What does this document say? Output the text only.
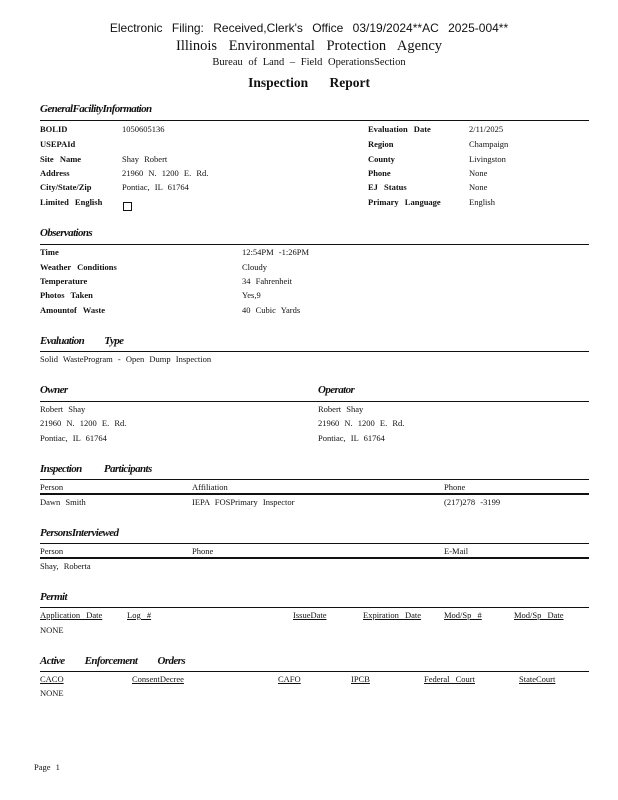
Electronic Filing: Received,Clerk's Office 03/19/2024**AC 2025-004**
Illinois Environmental Protection Agency
Bureau of Land – Field OperationsSection
Inspection Report
GeneralFacilityInformation
BOLID	1050605136
USEPAId
Site Name	Shay Robert
Address	21960 N. 1200 E. Rd.
City/State/Zip	Pontiac, IL 61764
Limited English
Evaluation Date	2/11/2025
Region	Champaign
County	Livingston
Phone	None
EJ Status	None
Primary Language	English
Observations
Time	12:54PM -1:26PM
Weather Conditions	Cloudy
Temperature	34 Fahrenheit
Photos Taken	Yes,9
Amountof Waste	40 Cubic Yards
Evaluation Type
Solid WasteProgram - Open Dump Inspection
Owner	Operator
Robert Shay
21960 N. 1200 E. Rd.
Pontiac, IL 61764
Robert Shay
21960 N. 1200 E. Rd.
Pontiac, IL 61764
Inspection Participants
Person	Affiliation	Phone
Dawn Smith	IEPA FOSPrimary Inspector	(217)278 -3199
PersonsInterviewed
Person	Phone	E-Mail
Shay, Roberta
Permit
Application Date	Log #	IssueDate	Expiration Date	Mod/Sp #	Mod/Sp Date
NONE
Active Enforcement Orders
CACO	ConsentDecree	CAFO	IPCB	Federal Court	StateCourt
NONE
Page 1
